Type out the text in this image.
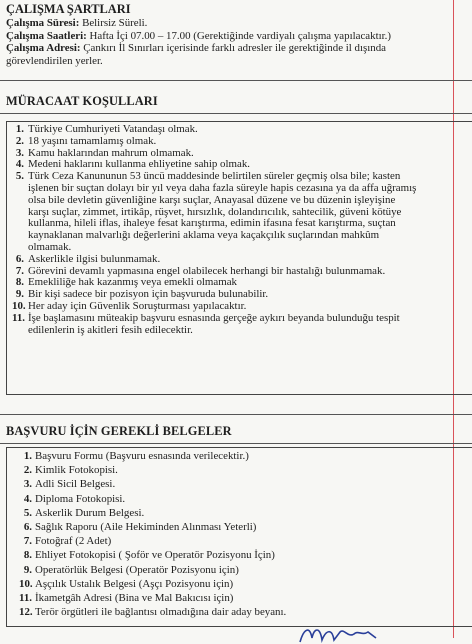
ÇALIŞMA ŞARTLARI
Çalışma Süresi: Belirsiz Süreli.
Çalışma Saatleri: Hafta İçi 07.00 – 17.00 (Gerektiğinde vardiyalı çalışma yapılacaktır.)
Çalışma Adresi: Çankırı İl Sınırları içerisinde farklı adresler ile gerektiğinde il dışında
görevlendirilen yerler.
MÜRACAAT KOŞULLARI
1. Türkiye Cumhuriyeti Vatandaşı olmak.
2. 18 yaşını tamamlamış olmak.
3. Kamu haklarından mahrum olmamak.
4. Medeni haklarını kullanma ehliyetine sahip olmak.
5. Türk Ceza Kanununun 53 üncü maddesinde belirtilen süreler geçmiş olsa bile; kasten
işlenen bir suçtan dolayı bir yıl veya daha fazla süreyle hapis cezasına ya da affa uğramış
olsa bile devletin güvenliğine karşı suçlar, Anayasal düzene ve bu düzenin işleyişine
karşı suçlar, zimmet, irtikâp, rüşvet, hırsızlık, dolandırıcılık, sahtecilik, güveni kötüye
kullanma, hileli iflas, ihaleye fesat karıştırma, edimin ifasına fesat karıştırma, suçtan
kaynaklanan malvarlığı değerlerini aklama veya kaçakçılık suçlarından mahkûm
olmamak.
6. Askerlikle ilgisi bulunmamak.
7. Görevini devamlı yapmasına engel olabilecek herhangi bir hastalığı bulunmamak.
8. Emekliliğe hak kazanmış veya emekli olmamak
9. Bir kişi sadece bir pozisyon için başvuruda bulunabilir.
10. Her aday için Güvenlik Soruşturması yapılacaktır.
11. İşe başlamasını müteakip başvuru esnasında gerçeğe aykırı beyanda bulunduğu tespit
edilenlerin iş akitleri fesih edilecektir.
BAŞVURU İÇİN GEREKLİ BELGELER
1. Başvuru Formu (Başvuru esnasında verilecektir.)
2. Kimlik Fotokopisi.
3. Adli Sicil Belgesi.
4. Diploma Fotokopisi.
5. Askerlik Durum Belgesi.
6. Sağlık Raporu (Aile Hekiminden Alınması Yeterli)
7. Fotoğraf (2 Adet)
8. Ehliyet Fotokopisi ( Şoför ve Operatör Pozisyonu İçin)
9. Operatörlük Belgesi (Operatör Pozisyonu için)
10. Aşçılık Ustalık Belgesi (Aşçı Pozisyonu için)
11. İkametgâh Adresi (Bina ve Mal Bakıcısı için)
12. Terör örgütleri ile bağlantısı olmadığına dair aday beyanı.
